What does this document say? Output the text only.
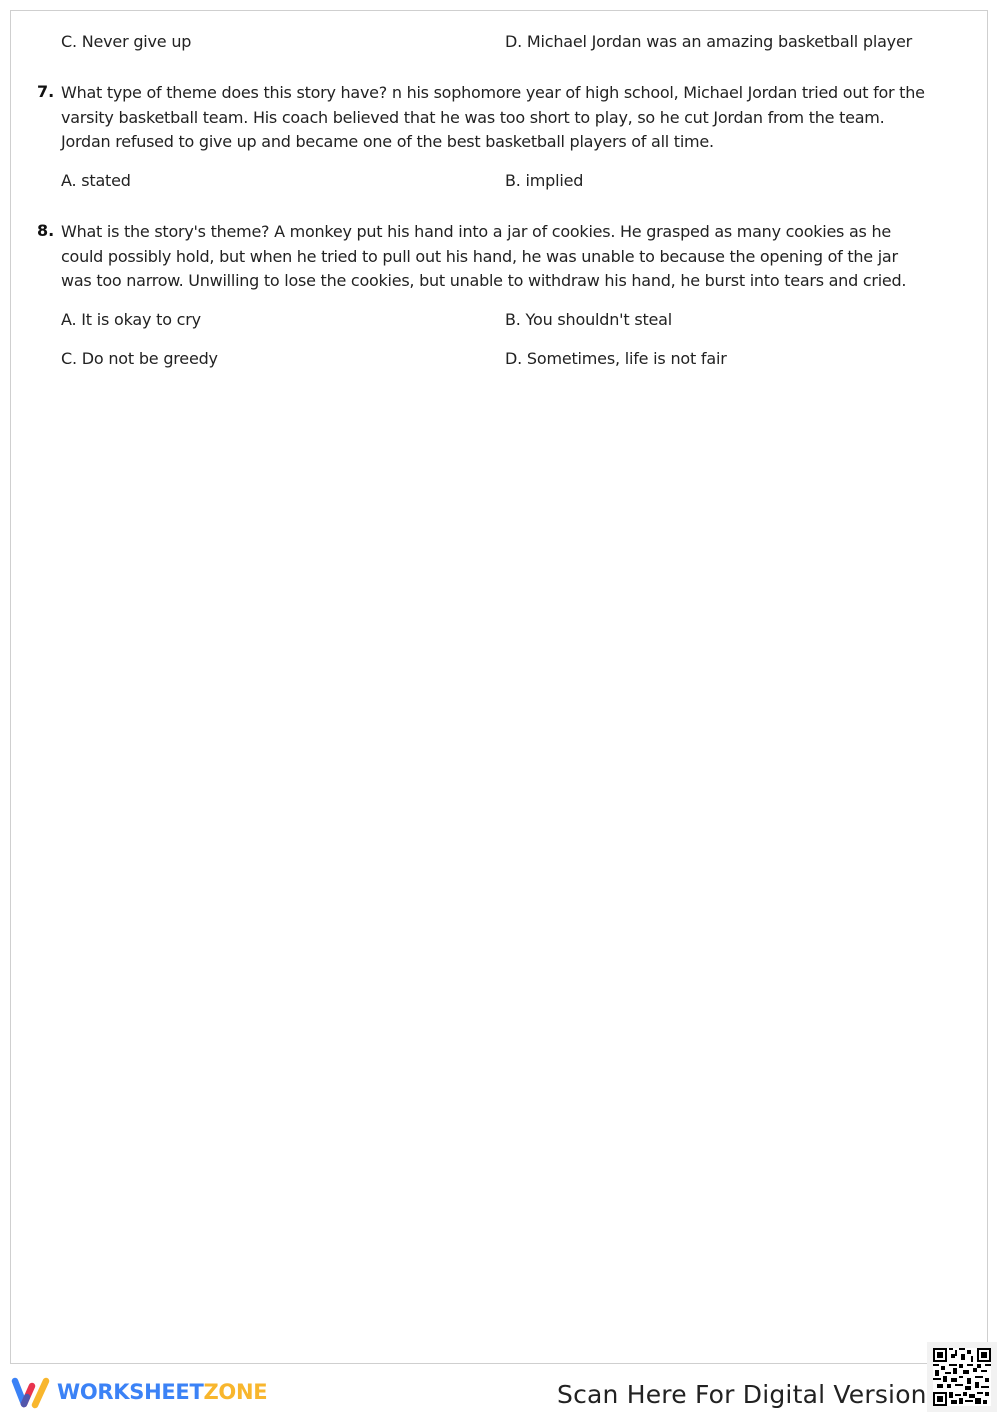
C. Never give up	D. Michael Jordan was an amazing basketball player
7. What type of theme does this story have? n his sophomore year of high school, Michael Jordan tried out for the
varsity basketball team. His coach believed that he was too short to play, so he cut Jordan from the team.
Jordan refused to give up and became one of the best basketball players of all time.
A. stated	B. implied
8. What is the story's theme? A monkey put his hand into a jar of cookies. He grasped as many cookies as he
could possibly hold, but when he tried to pull out his hand, he was unable to because the opening of the jar
was too narrow. Unwilling to lose the cookies, but unable to withdraw his hand, he burst into tears and cried.
A. It is okay to cry	B. You shouldn't steal
C. Do not be greedy	D. Sometimes, life is not fair
WORKSHEETZONE	Scan Here For Digital Version
